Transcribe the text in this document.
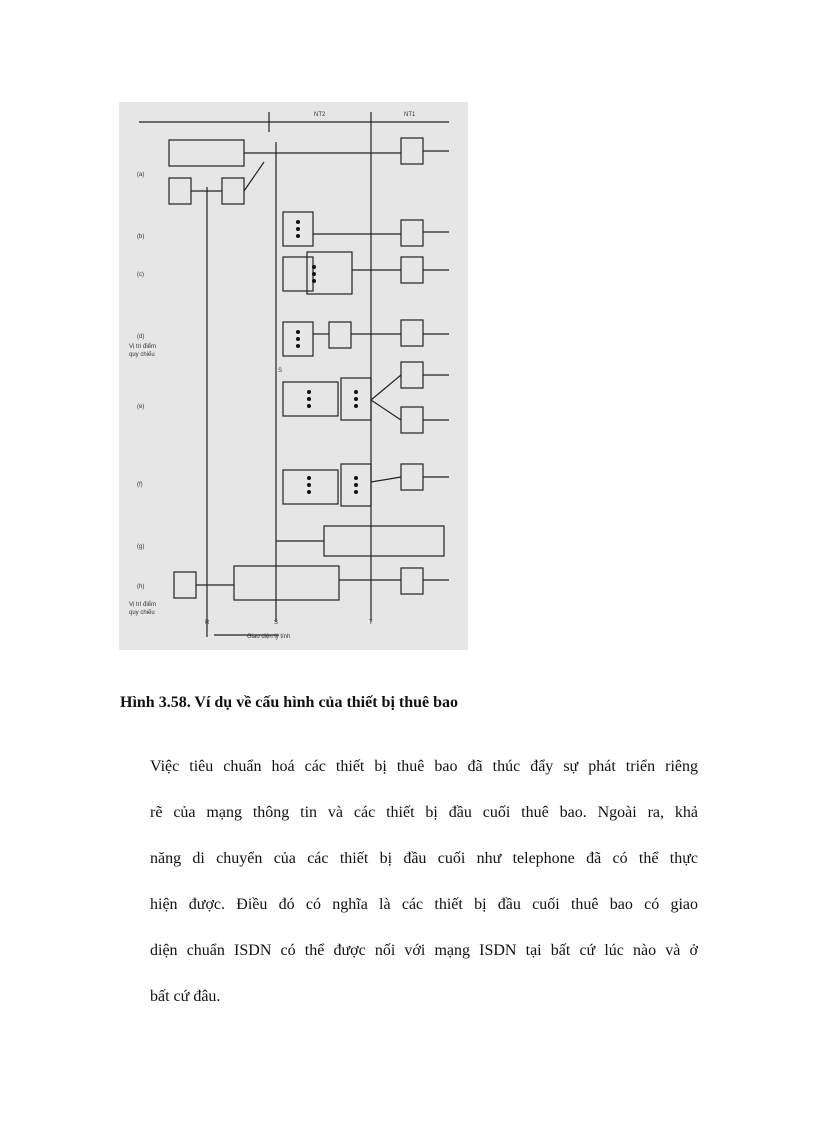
NT2	NT1
(a)
(b)
(c)
(d)
(e)
(f)
(g)
(h)
Vị trí điểm
quy chiếu
Vị trí điểm
quy chiếu
R	S	T
S
Giao diện lý tính
Hình 3.58. Ví dụ về cấu hình của thiết bị thuê bao
Việc tiêu chuẩn hoá các thiết bị thuê bao đã thúc đẩy sự phát triển riêng
rẽ của mạng thông tin và các thiết bị đầu cuối thuê bao. Ngoài ra, khả
năng di chuyển của các thiết bị đầu cuối như telephone đã có thể thực
hiện được. Điều đó có nghĩa là các thiết bị đầu cuối thuê bao có giao
diện chuẩn ISDN có thể được nối với mạng ISDN tại bất cứ lúc nào và ở
bất cứ đâu.
